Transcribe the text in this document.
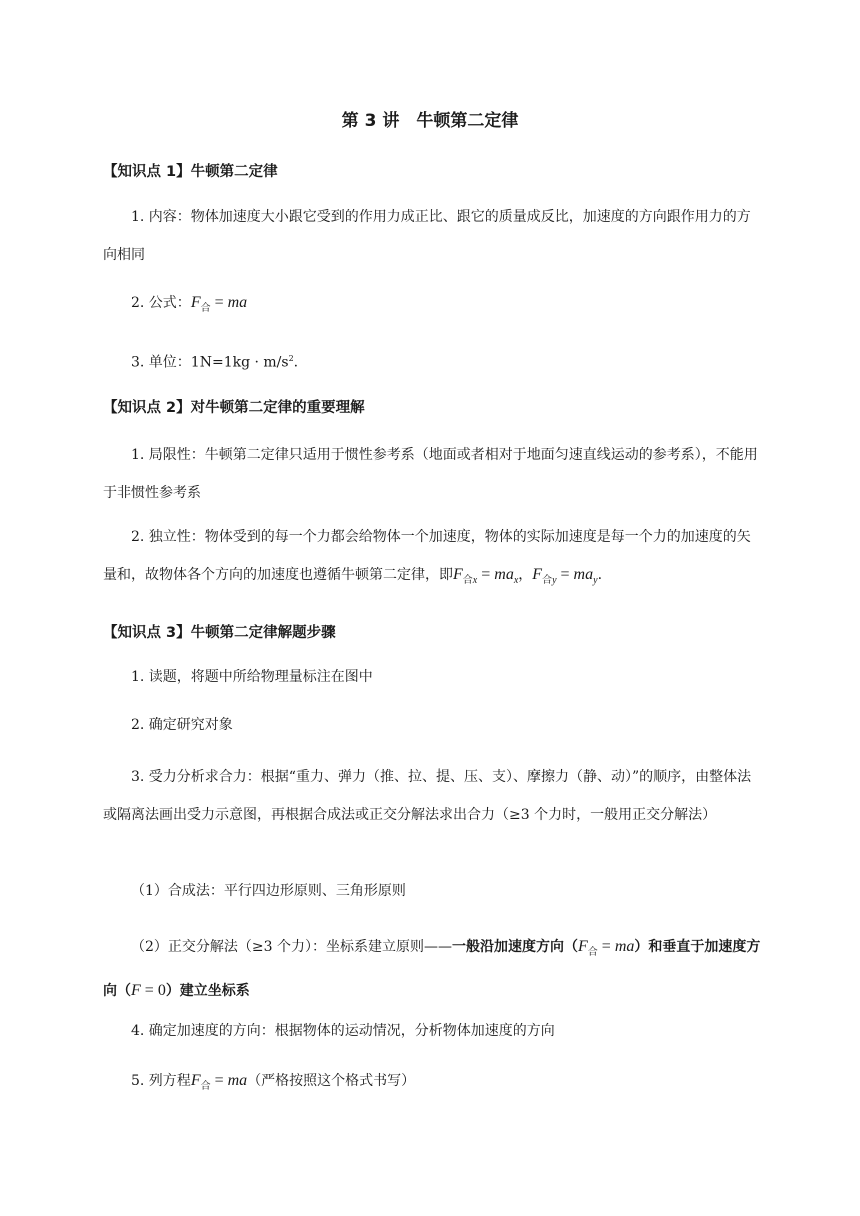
第 3 讲　牛顿第二定律
【知识点 1】牛顿第二定律
1. 内容：物体加速度大小跟它受到的作用力成正比、跟它的质量成反比，加速度的方向跟作用力的方向相同
2. 公式：$F_合$ = ma
3. 单位：$1N=1kg \cdot m/s^2$.
【知识点 2】对牛顿第二定律的重要理解
1. 局限性：牛顿第二定律只适用于惯性参考系（地面或者相对于地面匀速直线运动的参考系），不能用于非惯性参考系
2. 独立性：物体受到的每一个力都会给物体一个加速度，物体的实际加速度是每一个力的加速度的矢量和，故物体各个方向的加速度也遵循牛顿第二定律，即$F_{合x} = ma_x$，$F_{合y} = ma_y$.
【知识点 3】牛顿第二定律解题步骤
1. 读题，将题中所给物理量标注在图中
2. 确定研究对象
3. 受力分析求合力：根据“重力、弹力（推、拉、提、压、支）、摩擦力（静、动）”的顺序，由整体法或隔离法画出受力示意图，再根据合成法或正交分解法求出合力（≥3 个力时，一般用正交分解法）
（1）合成法：平行四边形原则、三角形原则
（2）正交分解法（≥3 个力）：坐标系建立原则——一般沿加速度方向$(F_合 = ma)$和垂直于加速度方向（F = 0）建立坐标系
4. 确定加速度的方向：根据物体的运动情况，分析物体加速度的方向
5. 列方程$F_合 = ma$（严格按照这个格式书写）
